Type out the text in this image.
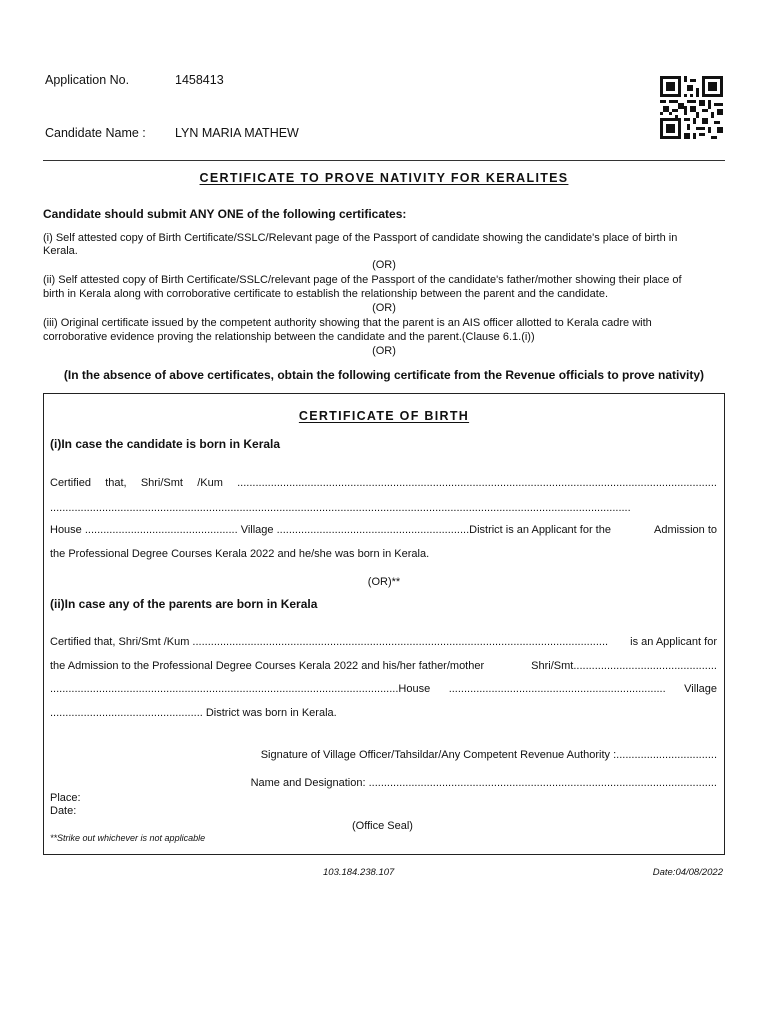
Application No.	1458413
Candidate Name : LYN MARIA MATHEW
CERTIFICATE TO PROVE NATIVITY FOR KERALITES
Candidate should submit ANY ONE of the following certificates:
(i) Self attested copy of Birth Certificate/SSLC/Relevant page of the Passport of candidate showing the candidate's place of birth in
Kerala.
(OR)
(ii) Self attested copy of Birth Certificate/SSLC/relevant page of the Passport of the candidate's father/mother showing their place of
birth in Kerala along with corroborative certificate to establish the relationship between the parent and the candidate.
(OR)
(iii) Original certificate issued by the competent authority showing that the parent is an AIS officer allotted to Kerala cadre with
corroborative evidence proving the relationship between the candidate and the parent.(Clause 6.1.(i))
(OR)
(In the absence of above certificates, obtain the following certificate from the Revenue officials to prove nativity)
CERTIFICATE OF BIRTH
(i)In case the candidate is born in Kerala
Certified that, Shri/Smt /Kum .............................................................................................................................................................
..............................................................................................................................................................................................
House .................................................. Village ...............................................................District is an Applicant for the	Admission to
the Professional Degree Courses Kerala 2022 and he/she was born in Kerala.
(OR)**
(ii)In case any of the parents are born in Kerala
Certified that, Shri/Smt /Kum ........................................................................................................................................ is an Applicant for
the Admission to the Professional Degree Courses Kerala 2022 and his/her father/mother	Shri/Smt...............................................
..................................................................................................................House ....................................................................... Village
.................................................. District was born in Kerala.
Signature of Village Officer/Tahsildar/Any Competent Revenue Authority :.................................
Name and Designation: ..................................................................................................................
Place:
Date:
(Office Seal)
**Strike out whichever is not applicable
103.184.238.107	Date:04/08/2022
